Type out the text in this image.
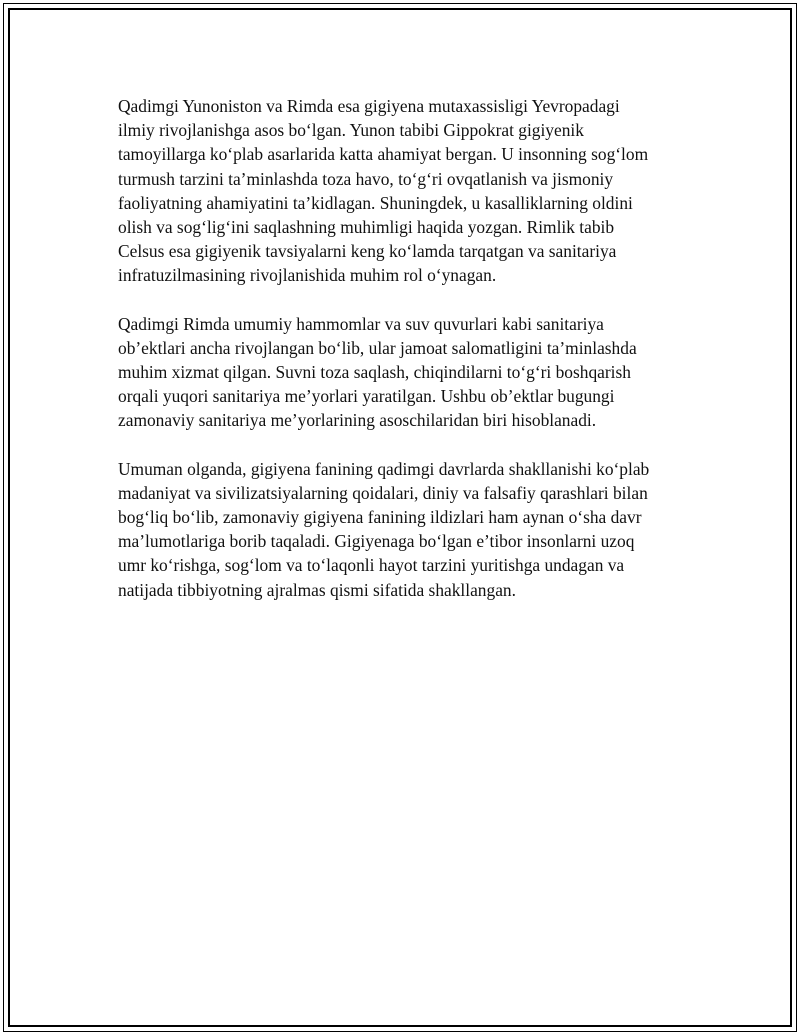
Qadimgi Yunoniston va Rimda esa gigiyena mutaxassisligi Yevropadagi
ilmiy rivojlanishga asos bo‘lgan. Yunon tabibi Gippokrat gigiyenik
tamoyillarga ko‘plab asarlarida katta ahamiyat bergan. U insonning sog‘lom
turmush tarzini ta’minlashda toza havo, to‘g‘ri ovqatlanish va jismoniy
faoliyatning ahamiyatini ta’kidlagan. Shuningdek, u kasalliklarning oldini
olish va sog‘lig‘ini saqlashning muhimligi haqida yozgan. Rimlik tabib
Celsus esa gigiyenik tavsiyalarni keng ko‘lamda tarqatgan va sanitariya
infratuzilmasining rivojlanishida muhim rol o‘ynagan.

Qadimgi Rimda umumiy hammomlar va suv quvurlari kabi sanitariya
ob’ektlari ancha rivojlangan bo‘lib, ular jamoat salomatligini ta’minlashda
muhim xizmat qilgan. Suvni toza saqlash, chiqindilarni to‘g‘ri boshqarish
orqali yuqori sanitariya me’yorlari yaratilgan. Ushbu ob’ektlar bugungi
zamonaviy sanitariya me’yorlarining asoschilaridan biri hisoblanadi.

Umuman olganda, gigiyena fanining qadimgi davrlarda shakllanishi ko‘plab
madaniyat va sivilizatsiyalarning qoidalari, diniy va falsafiy qarashlari bilan
bog‘liq bo‘lib, zamonaviy gigiyena fanining ildizlari ham aynan o‘sha davr
ma’lumotlariga borib taqaladi. Gigiyenaga bo‘lgan e’tibor insonlarni uzoq
umr ko‘rishga, sog‘lom va to‘laqonli hayot tarzini yuritishga undagan va
natijada tibbiyotning ajralmas qismi sifatida shakllangan.
